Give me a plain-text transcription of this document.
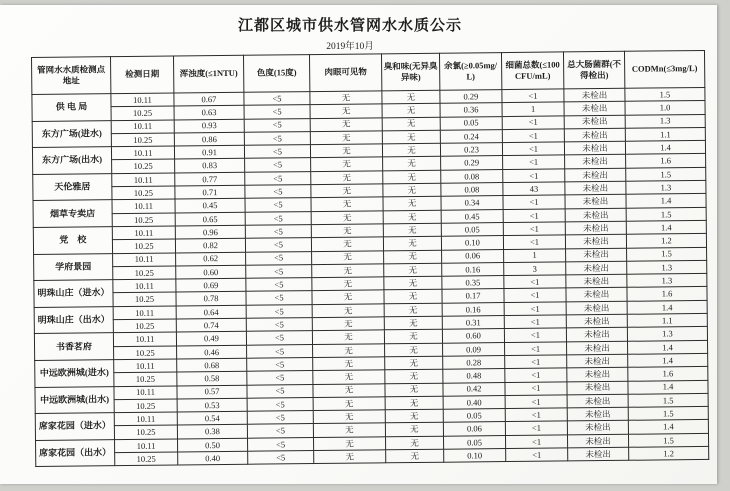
江都区城市供水管网水水质公示
2019年10月
管网水水质检测点地址	检测日期	浑浊度(≤1NTU)	色度(15度)	肉眼可见物	臭和味(无异臭异味)	余氯(≥0.05mg/L)	细菌总数(≤100CFU/mL)	总大肠菌群(不得检出)	CODMn(≤3mg/L)
供 电 局	10.11	0.67	<5	无	无	0.29	<1	未检出	1.5
	10.25	0.63	<5	无	无	0.36	1	未检出	1.0
东方广场(进水)	10.11	0.93	<5	无	无	0.05	<1	未检出	1.3
	10.25	0.86	<5	无	无	0.24	<1	未检出	1.1
东方广场(出水)	10.11	0.91	<5	无	无	0.23	<1	未检出	1.4
	10.25	0.83	<5	无	无	0.29	<1	未检出	1.6
天伦雅居	10.11	0.77	<5	无	无	0.08	<1	未检出	1.5
	10.25	0.71	<5	无	无	0.08	43	未检出	1.3
烟草专卖店	10.11	0.45	<5	无	无	0.34	<1	未检出	1.4
	10.25	0.65	<5	无	无	0.45	<1	未检出	1.5
党　校	10.11	0.96	<5	无	无	0.05	<1	未检出	1.4
	10.25	0.82	<5	无	无	0.10	<1	未检出	1.2
学府景园	10.11	0.62	<5	无	无	0.06	1	未检出	1.5
	10.25	0.60	<5	无	无	0.16	3	未检出	1.3
明珠山庄（进水）	10.11	0.69	<5	无	无	0.35	<1	未检出	1.3
	10.25	0.78	<5	无	无	0.17	<1	未检出	1.6
明珠山庄（出水）	10.11	0.64	<5	无	无	0.16	<1	未检出	1.4
	10.25	0.74	<5	无	无	0.31	<1	未检出	1.1
书香茗府	10.11	0.49	<5	无	无	0.60	<1	未检出	1.3
	10.25	0.46	<5	无	无	0.09	<1	未检出	1.4
中远欧洲城(进水)	10.11	0.68	<5	无	无	0.28	<1	未检出	1.4
	10.25	0.58	<5	无	无	0.48	<1	未检出	1.6
中远欧洲城(出水)	10.11	0.57	<5	无	无	0.42	<1	未检出	1.4
	10.25	0.53	<5	无	无	0.40	<1	未检出	1.5
席家花园（进水）	10.11	0.54	<5	无	无	0.05	<1	未检出	1.5
	10.25	0.38	<5	无	无	0.06	<1	未检出	1.4
席家花园（出水）	10.11	0.50	<5	无	无	0.05	<1	未检出	1.5
	10.25	0.40	<5	无	无	0.10	<1	未检出	1.2
